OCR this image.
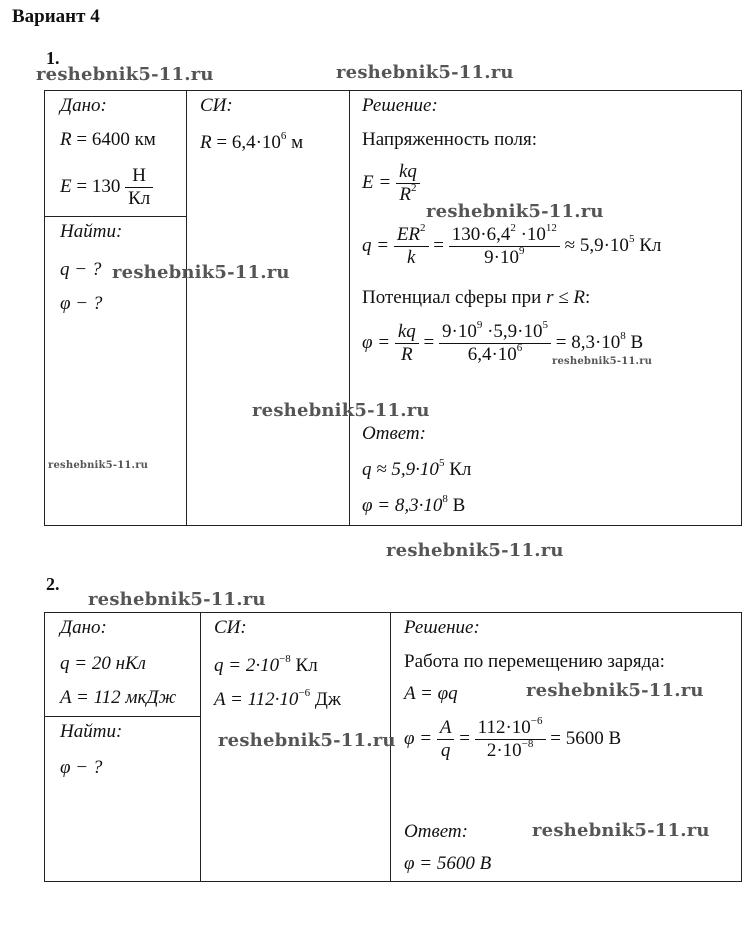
Вариант 4
1.
Дано:
R = 6400 км
$E = 130 \frac{Н}{Кл}$
Найти:
q − ?
φ − ?
СИ:
$R = 6,4\cdot 10^6$ м
Решение:
Напряженность поля:
$E = \frac{kq}{R^2}$
$q = \frac{ER^2}{k} = \frac{130\cdot 6,4^2 \cdot 10^{12}}{9\cdot 10^9} \approx 5,9\cdot 10^5$ Кл
Потенциал сферы при r ≤ R:
$\varphi = \frac{kq}{R} = \frac{9\cdot 10^9 \cdot 5,9\cdot 10^5}{6,4\cdot 10^6} = 8,3\cdot 10^8$ В
Ответ:
$q \approx 5,9\cdot 10^5$ Кл
$\varphi = 8,3\cdot 10^8$ В
2.
Дано:
q = 20 нКл
A = 112 мкДж
Найти:
φ − ?
СИ:
$q = 2\cdot 10^{-8}$ Кл
$A = 112\cdot 10^{-6}$ Дж
Решение:
Работа по перемещению заряда:
A = φq
$\varphi = \frac{A}{q} = \frac{112\cdot 10^{-6}}{2\cdot 10^{-8}} = 5600$ В
Ответ:
φ = 5600 В
reshebnik5-11.ru	reshebnik5-11.ru
reshebnik5-11.ru
reshebnik5-11.ru
reshebnik5-11.ru
reshebnik5-11.ru
reshebnik5-11.ru
reshebnik5-11.ru
reshebnik5-11.ru
reshebnik5-11.ru
reshebnik5-11.ru
reshebnik5-11.ru
